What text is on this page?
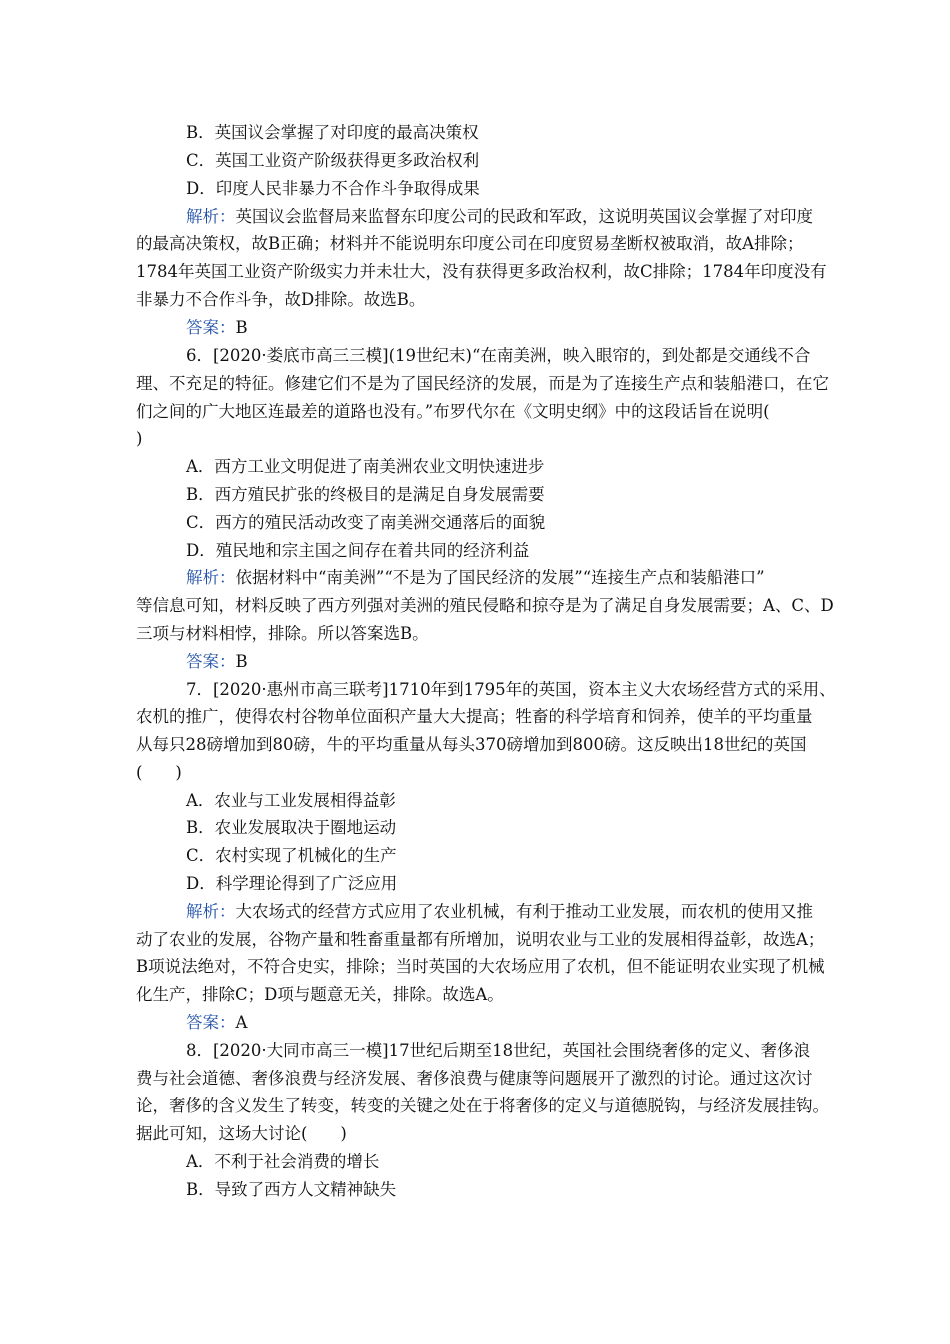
B．英国议会掌握了对印度的最高决策权
C．英国工业资产阶级获得更多政治权利
D．印度人民非暴力不合作斗争取得成果
解析：英国议会监督局来监督东印度公司的民政和军政，这说明英国议会掌握了对印度
的最高决策权，故B正确；材料并不能说明东印度公司在印度贸易垄断权被取消，故A排除；
1784年英国工业资产阶级实力并未壮大，没有获得更多政治权利，故C排除；1784年印度没有
非暴力不合作斗争，故D排除。故选B。
答案：B
6．[2020·娄底市高三三模](19世纪末)“在南美洲，映入眼帘的，到处都是交通线不合
理、不充足的特征。修建它们不是为了国民经济的发展，而是为了连接生产点和装船港口，在它
们之间的广大地区连最差的道路也没有。”布罗代尔在《文明史纲》中的这段话旨在说明(
)
A．西方工业文明促进了南美洲农业文明快速进步
B．西方殖民扩张的终极目的是满足自身发展需要
C．西方的殖民活动改变了南美洲交通落后的面貌
D．殖民地和宗主国之间存在着共同的经济利益
解析：依据材料中“南美洲”“不是为了国民经济的发展”“连接生产点和装船港口”
等信息可知，材料反映了西方列强对美洲的殖民侵略和掠夺是为了满足自身发展需要；A、C、D
三项与材料相悖，排除。所以答案选B。
答案：B
7．[2020·惠州市高三联考]1710年到1795年的英国，资本主义大农场经营方式的采用、
农机的推广，使得农村谷物单位面积产量大大提高；牲畜的科学培育和饲养，使羊的平均重量
从每只28磅增加到80磅，牛的平均重量从每头370磅增加到800磅。这反映出18世纪的英国
(　　)
A．农业与工业发展相得益彰
B．农业发展取决于圈地运动
C．农村实现了机械化的生产
D．科学理论得到了广泛应用
解析：大农场式的经营方式应用了农业机械，有利于推动工业发展，而农机的使用又推
动了农业的发展，谷物产量和牲畜重量都有所增加，说明农业与工业的发展相得益彰，故选A；
B项说法绝对，不符合史实，排除；当时英国的大农场应用了农机，但不能证明农业实现了机械
化生产，排除C；D项与题意无关，排除。故选A。
答案：A
8．[2020·大同市高三一模]17世纪后期至18世纪，英国社会围绕奢侈的定义、奢侈浪
费与社会道德、奢侈浪费与经济发展、奢侈浪费与健康等问题展开了激烈的讨论。通过这次讨
论，奢侈的含义发生了转变，转变的关键之处在于将奢侈的定义与道德脱钩，与经济发展挂钩。
据此可知，这场大讨论(　　)
A．不利于社会消费的增长
B．导致了西方人文精神缺失
